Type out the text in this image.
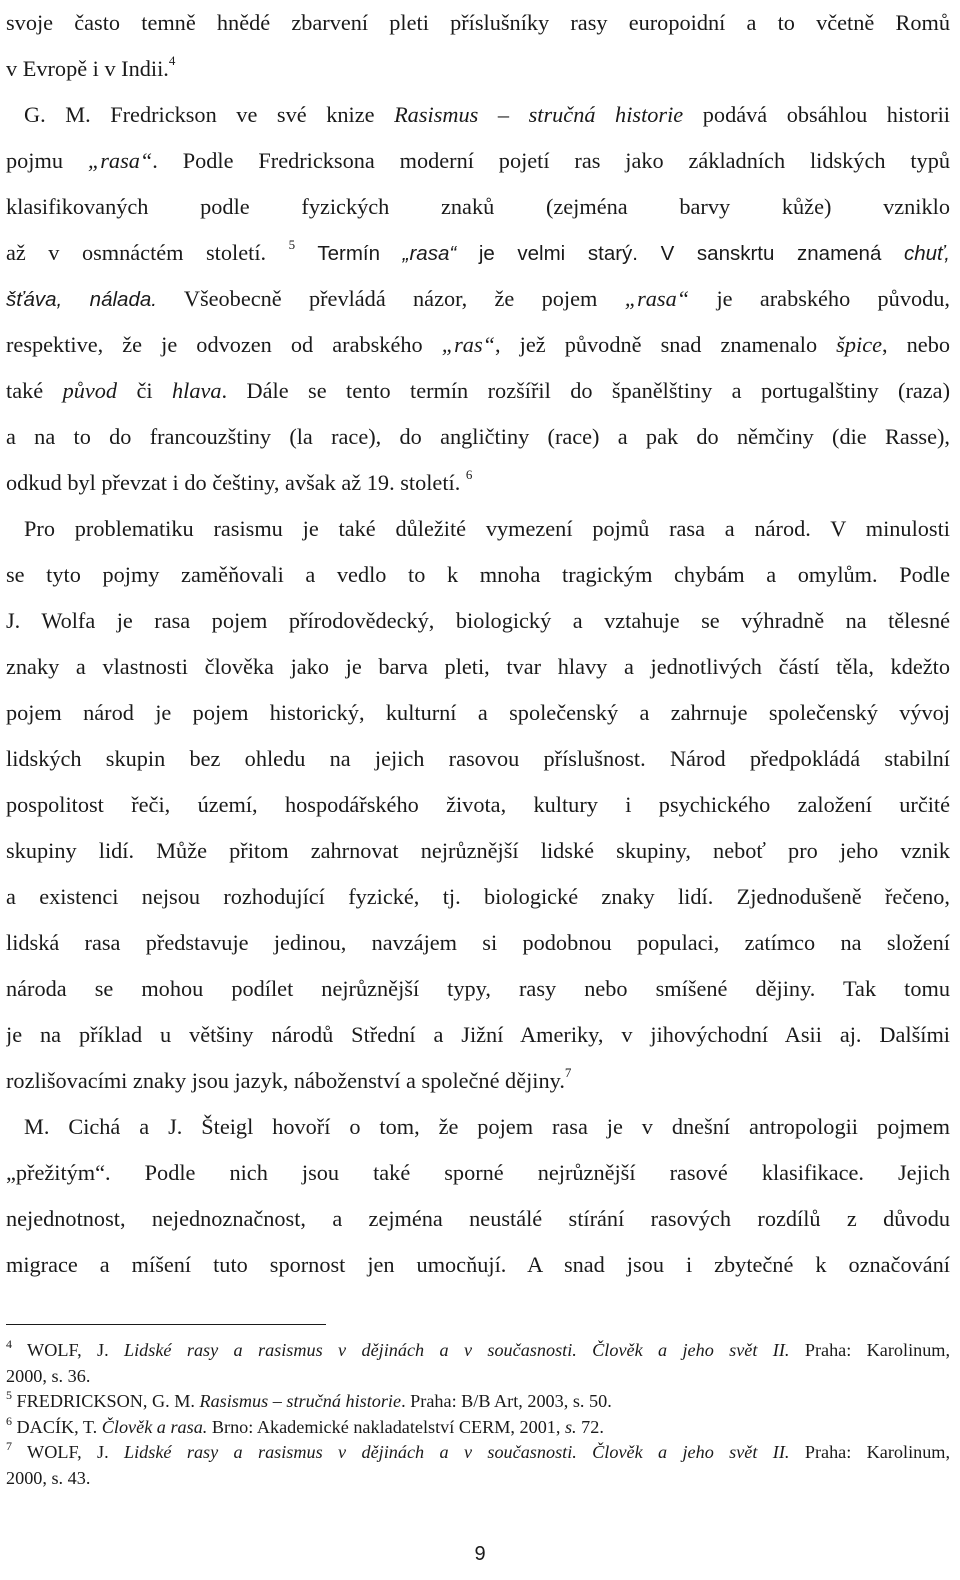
svoje často temně hnědé zbarvení pleti příslušníky rasy europoidní a to včetně Romů
v Evropě i v Indii.$^4$
G. M. Fredrickson ve své knize Rasismus – stručná historie podává obsáhlou historii
pojmu „rasa“. Podle Fredricksona moderní pojetí ras jako základních lidských typů
klasifikovaných podle fyzických znaků (zejména barvy kůže) vzniklo
až v osmnáctém století. $^5$ Termín „rasa“ je velmi starý. V sanskrtu znamená chuť,
šťáva, nálada. Všeobecně převládá názor, že pojem „rasa“ je arabského původu,
respektive, že je odvozen od arabského „ras“, jež původně snad znamenalo špice, nebo
také původ či hlava. Dále se tento termín rozšířil do španělštiny a portugalštiny (raza)
a na to do francouzštiny (la race), do angličtiny (race) a pak do němčiny (die Rasse),
odkud byl převzat i do češtiny, avšak až 19. století. $^6$
Pro problematiku rasismu je také důležité vymezení pojmů rasa a národ. V minulosti
se tyto pojmy zaměňovali a vedlo to k mnoha tragickým chybám a omylům. Podle
J. Wolfa je rasa pojem přírodovědecký, biologický a vztahuje se výhradně na tělesné
znaky a vlastnosti člověka jako je barva pleti, tvar hlavy a jednotlivých částí těla, kdežto
pojem národ je pojem historický, kulturní a společenský a zahrnuje společenský vývoj
lidských skupin bez ohledu na jejich rasovou příslušnost. Národ předpokládá stabilní
pospolitost řeči, území, hospodářského života, kultury i psychického založení určité
skupiny lidí. Může přitom zahrnovat nejrůznější lidské skupiny, neboť pro jeho vznik
a existenci nejsou rozhodující fyzické, tj. biologické znaky lidí. Zjednodušeně řečeno,
lidská rasa představuje jedinou, navzájem si podobnou populaci, zatímco na složení
národa se mohou podílet nejrůznější typy, rasy nebo smíšené dějiny. Tak tomu
je na příklad u většiny národů Střední a Jižní Ameriky, v jihovýchodní Asii aj. Dalšími
rozlišovacími znaky jsou jazyk, náboženství a společné dějiny.$^7$
M. Cichá a J. Šteigl hovoří o tom, že pojem rasa je v dnešní antropologii pojmem
„přežitým“. Podle nich jsou také sporné nejrůznější rasové klasifikace. Jejich
nejednotnost, nejednoznačnost, a zejména neustálé stírání rasových rozdílů z důvodu
migrace a míšení tuto spornost jen umocňují. A snad jsou i zbytečné k označování
$^4$ WOLF, J. Lidské rasy a rasismus v dějinách a v současnosti. Člověk a jeho svět II. Praha: Karolinum,
2000, s. 36.
$^5$ FREDRICKSON, G. M. Rasismus – stručná historie. Praha: B/B Art, 2003, s. 50.
$^6$ DACÍK, T. Člověk a rasa. Brno: Akademické nakladatelství CERM, 2001, s. 72.
$^7$ WOLF, J. Lidské rasy a rasismus v dějinách a v současnosti. Člověk a jeho svět II. Praha: Karolinum,
2000, s. 43.
9
